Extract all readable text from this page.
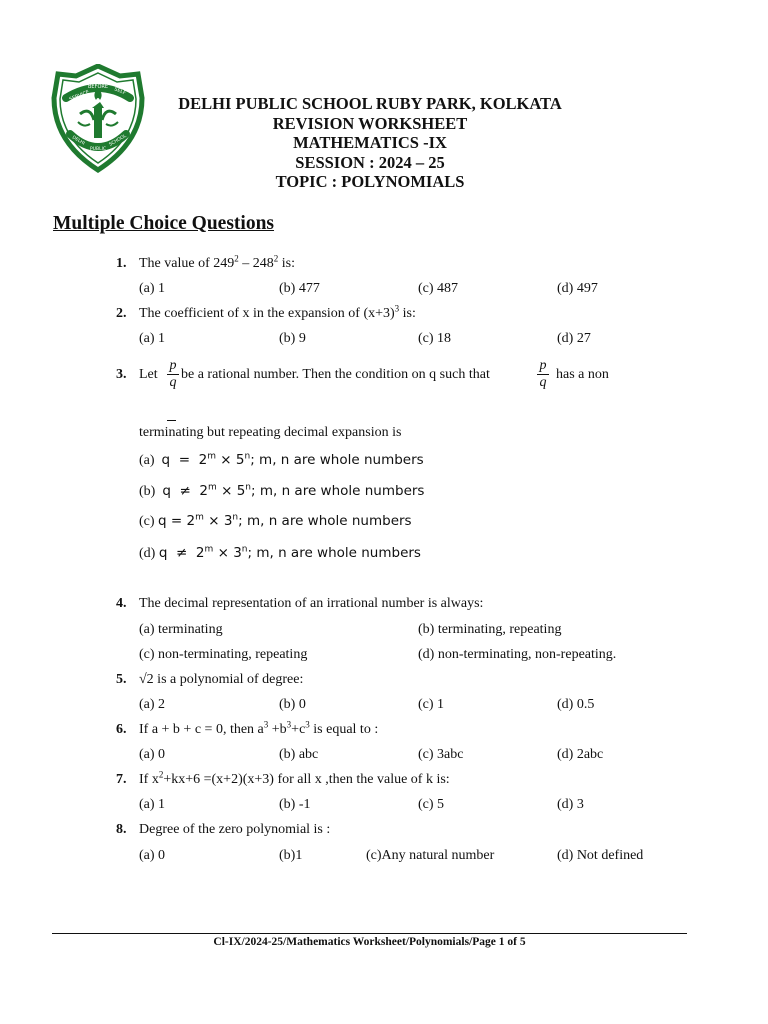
SERVICE
BEFORE SELF
DELHI
PUBLIC
SCHOOL
DELHI PUBLIC SCHOOL RUBY PARK, KOLKATA
REVISION WORKSHEET
MATHEMATICS -IX
SESSION : 2024 – 25
TOPIC : POLYNOMIALS
Multiple Choice Questions
1. The value of $249^2 - 248^2$ is:
(a) 1	(b) 477	(c) 487	(d) 497
2. The coefficient of x in the expansion of $(x+3)^3$ is:
(a) 1	(b) 9	(c) 18	(d) 27
3. Let
p
q
be a rational number. Then the condition on q such that
p
q
has a non
terminating but repeating decimal expansion is
(a) $q = 2^m \times 5^n$; m, n are whole numbers
(b) $q \ne 2^m \times 5^n$; m, n are whole numbers
(c) $q = 2^m \times 3^n$; m, n are whole numbers
(d) $q \ne 2^m \times 3^n$; m, n are whole numbers
4. The decimal representation of an irrational number is always:
(a) terminating	(b) terminating, repeating
(c) non-terminating, repeating	(d) non-terminating, non-repeating.
5. √2 is a polynomial of degree:
(a) 2	(b) 0	(c) 1	(d) 0.5
6. If a + b + c = 0, then $a^3 +b^3+c^3$ is equal to :
(a) 0	(b) abc	(c) 3abc	(d) 2abc
7. If $x^2+kx+6 =(x+2)(x+3)$ for all x ,then the value of k is:
(a) 1	(b) -1	(c) 5	(d) 3
8. Degree of the zero polynomial is :
(a) 0	(b)1	(c)Any natural number	(d) Not defined
Cl-IX/2024-25/Mathematics Worksheet/Polynomials/Page 1 of 5
